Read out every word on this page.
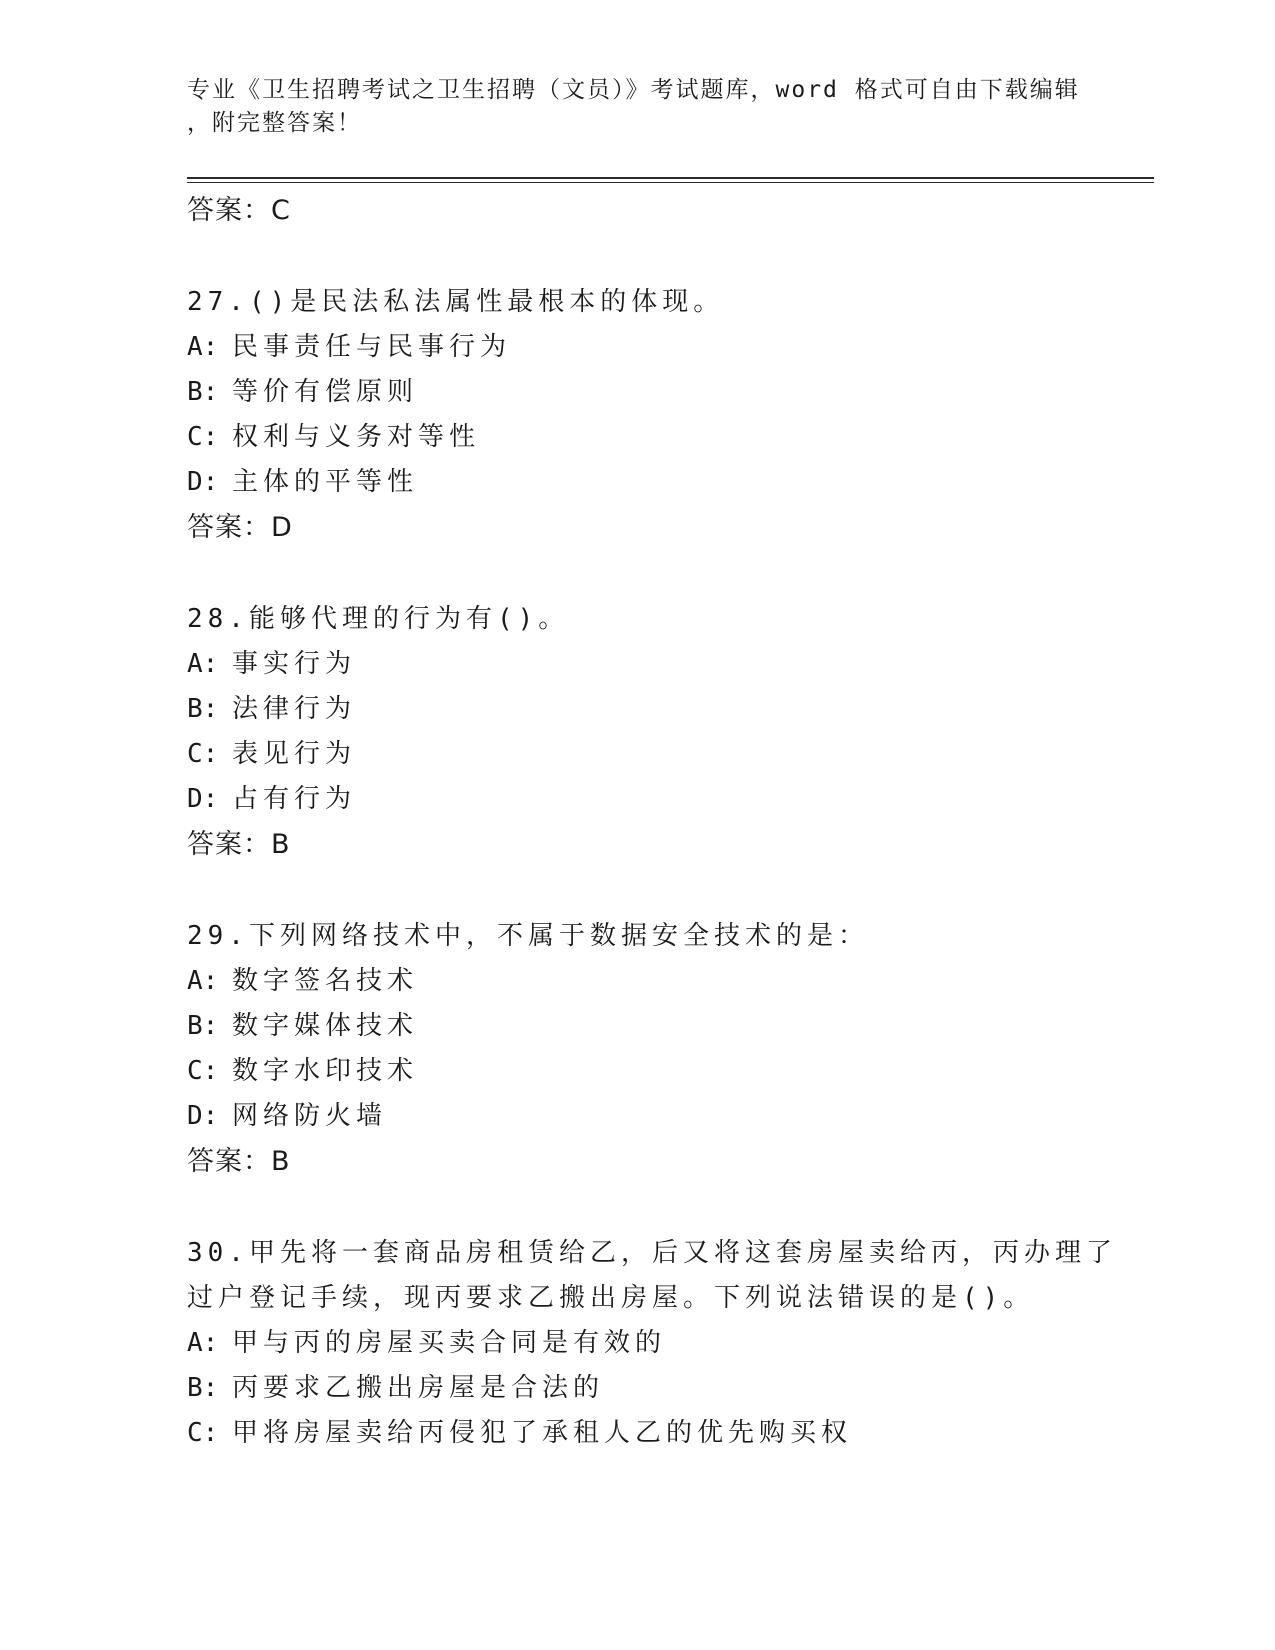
专业《卫生招聘考试之卫生招聘（文员）》考试题库，word 格式可自由下载编辑
，附完整答案！
答案：C
27.()是民法私法属性最根本的体现。
A: 民事责任与民事行为
B: 等价有偿原则
C: 权利与义务对等性
D: 主体的平等性
答案：D
28.能够代理的行为有()。
A: 事实行为
B: 法律行为
C: 表见行为
D: 占有行为
答案：B
29.下列网络技术中，不属于数据安全技术的是：
A: 数字签名技术
B: 数字媒体技术
C: 数字水印技术
D: 网络防火墙
答案：B
30.甲先将一套商品房租赁给乙，后又将这套房屋卖给丙，丙办理了过户登记手续，现丙要求乙搬出房屋。下列说法错误的是()。
A: 甲与丙的房屋买卖合同是有效的
B: 丙要求乙搬出房屋是合法的
C: 甲将房屋卖给丙侵犯了承租人乙的优先购买权
